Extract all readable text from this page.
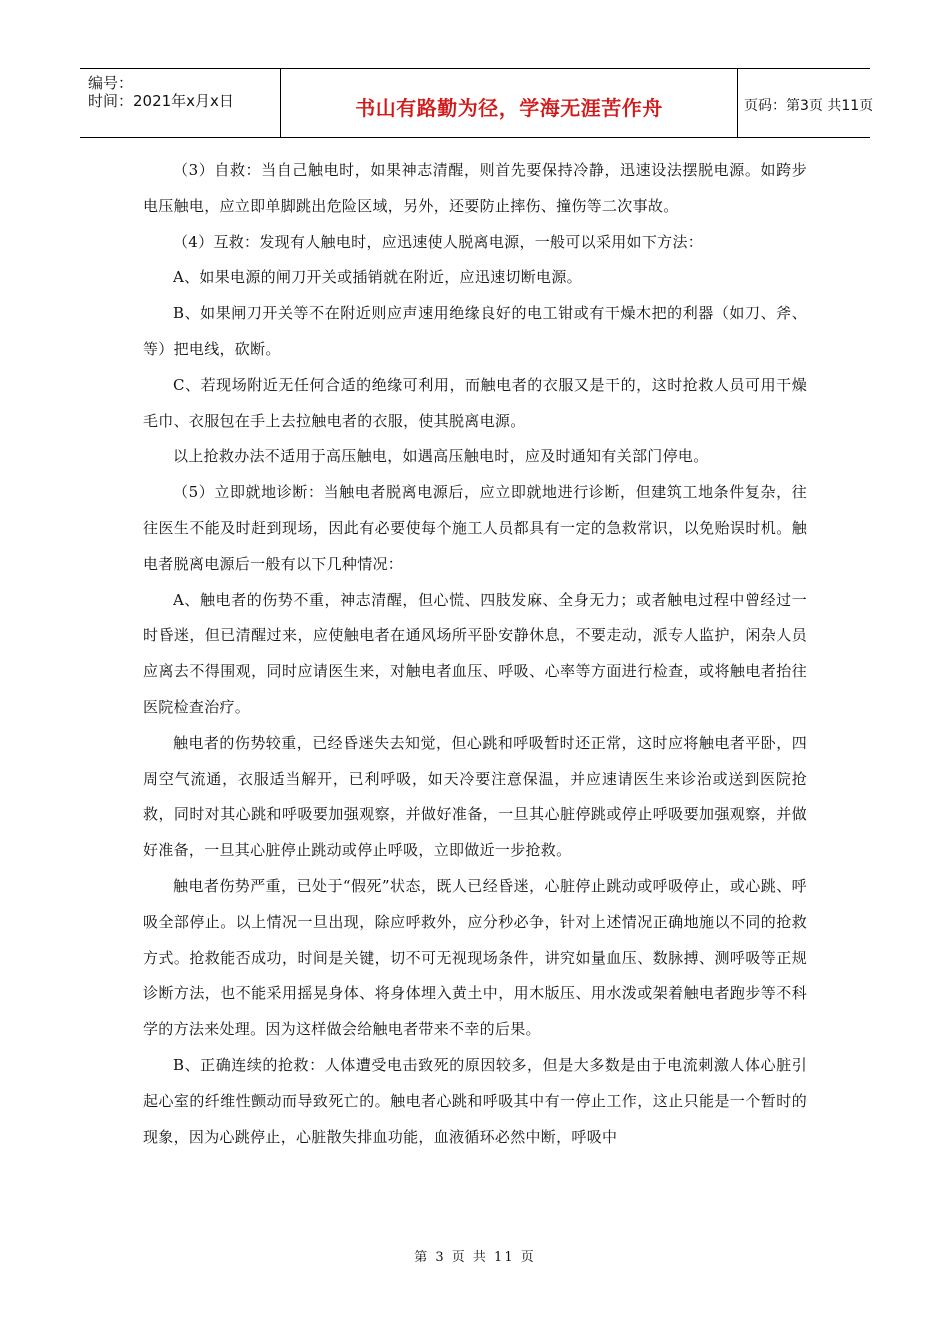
编号：
时间：2021年x月x日	书山有路勤为径，学海无涯苦作舟	页码：第3页 共11页

（3）自救：当自己触电时，如果神志清醒，则首先要保持冷静，迅速设法摆脱电源。如跨步电压触电，应立即单脚跳出危险区域，另外，还要防止摔伤、撞伤等二次事故。

（4）互救：发现有人触电时，应迅速使人脱离电源，一般可以采用如下方法：

A、如果电源的闸刀开关或插销就在附近，应迅速切断电源。

B、如果闸刀开关等不在附近则应声速用绝缘良好的电工钳或有干燥木把的利器（如刀、斧、等）把电线，砍断。

C、若现场附近无任何合适的绝缘可利用，而触电者的衣服又是干的，这时抢救人员可用干燥毛巾、衣服包在手上去拉触电者的衣服，使其脱离电源。

以上抢救办法不适用于高压触电，如遇高压触电时，应及时通知有关部门停电。

（5）立即就地诊断：当触电者脱离电源后，应立即就地进行诊断，但建筑工地条件复杂，往往医生不能及时赶到现场，因此有必要使每个施工人员都具有一定的急救常识，以免贻误时机。触电者脱离电源后一般有以下几种情况：

A、触电者的伤势不重，神志清醒，但心慌、四肢发麻、全身无力；或者触电过程中曾经过一时昏迷，但已清醒过来，应使触电者在通风场所平卧安静休息，不要走动，派专人监护，闲杂人员应离去不得围观，同时应请医生来，对触电者血压、呼吸、心率等方面进行检查，或将触电者抬往医院检查治疗。

触电者的伤势较重，已经昏迷失去知觉，但心跳和呼吸暂时还正常，这时应将触电者平卧，四周空气流通，衣服适当解开，已利呼吸，如天冷要注意保温，并应速请医生来诊治或送到医院抢救，同时对其心跳和呼吸要加强观察，并做好准备，一旦其心脏停跳或停止呼吸要加强观察，并做好准备，一旦其心脏停止跳动或停止呼吸，立即做近一步抢救。

触电者伤势严重，已处于“假死”状态，既人已经昏迷，心脏停止跳动或呼吸停止，或心跳、呼吸全部停止。以上情况一旦出现，除应呼救外，应分秒必争，针对上述情况正确地施以不同的抢救方式。抢救能否成功，时间是关键，切不可无视现场条件，讲究如量血压、数脉搏、测呼吸等正规诊断方法，也不能采用摇晃身体、将身体埋入黄土中，用木版压、用水泼或架着触电者跑步等不科学的方法来处理。因为这样做会给触电者带来不幸的后果。

B、正确连续的抢救：人体遭受电击致死的原因较多，但是大多数是由于电流刺激人体心脏引起心室的纤维性颤动而导致死亡的。触电者心跳和呼吸其中有一停止工作，这止只能是一个暂时的现象，因为心跳停止，心脏散失排血功能，血液循环必然中断，呼吸中

第 3 页 共 11 页
